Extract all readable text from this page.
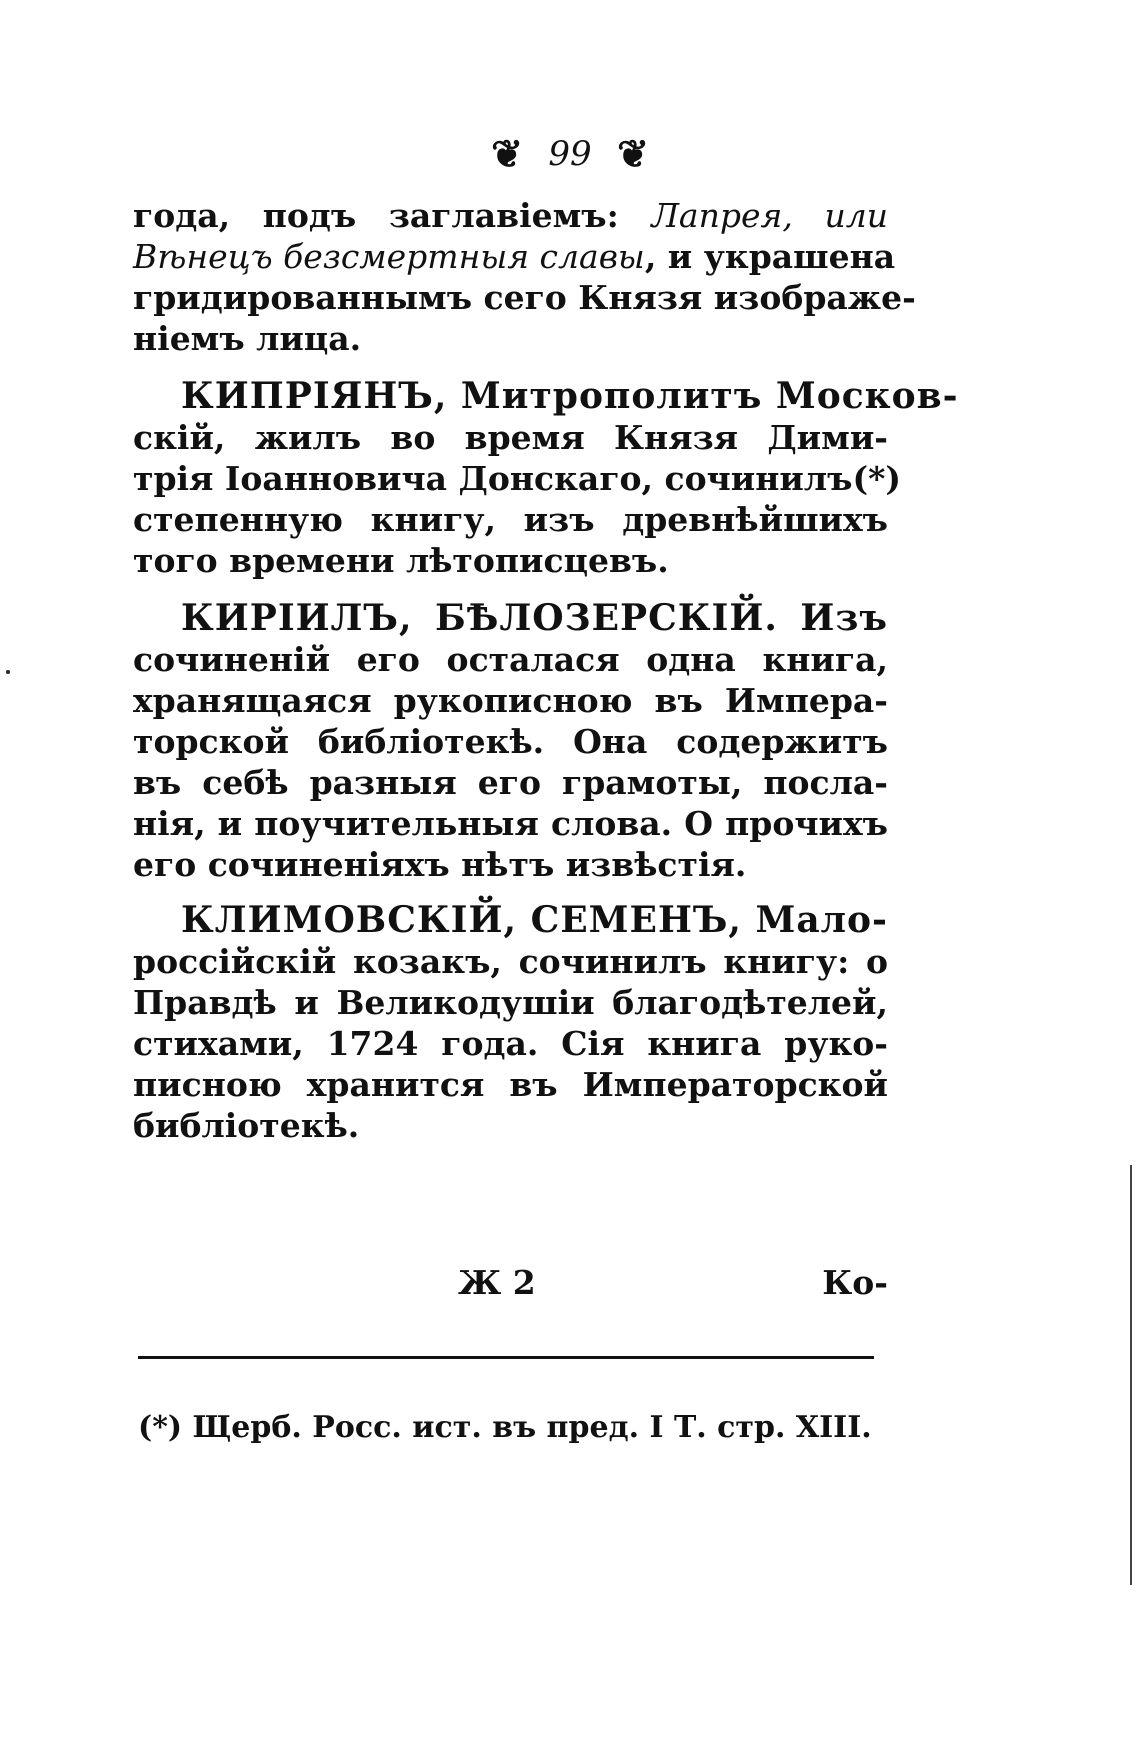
❦ 99 ❦
года, подъ заглавіемъ: Лапрея, или
Вѣнецъ безсмертныя славы, и украшена
гридированнымъ сего Князя изображе-
ніемъ лица.
КИПРІЯНЪ, Митрополитъ Москов-
скій, жилъ во время Князя Дими-
трія Іоанновича Донскаго, сочинилъ(*)
степенную книгу, изъ древнѣйшихъ
того времени лѣтописцевъ.
КИРІИЛЪ, БѢЛОЗЕРСКІЙ. Изъ
сочиненій его осталася одна книга,
хранящаяся рукописною въ Импера-
торской библіотекѣ. Она содержитъ
въ себѣ разныя его грамоты, посла-
нія, и поучительныя слова. О прочихъ
его сочиненіяхъ нѣтъ извѣстія.
КЛИМОВСКІЙ, СЕМЕНЪ, Мало-
россійскій козакъ, сочинилъ книгу: о
Правдѣ и Великодушіи благодѣтелей,
стихами, 1724 года. Сія книга руко-
писною хранится въ Императорской
библіотекѣ.
Ж 2	Ко-
(*) Щерб. Росс. ист. въ пред. I Т. стр. XIII.
